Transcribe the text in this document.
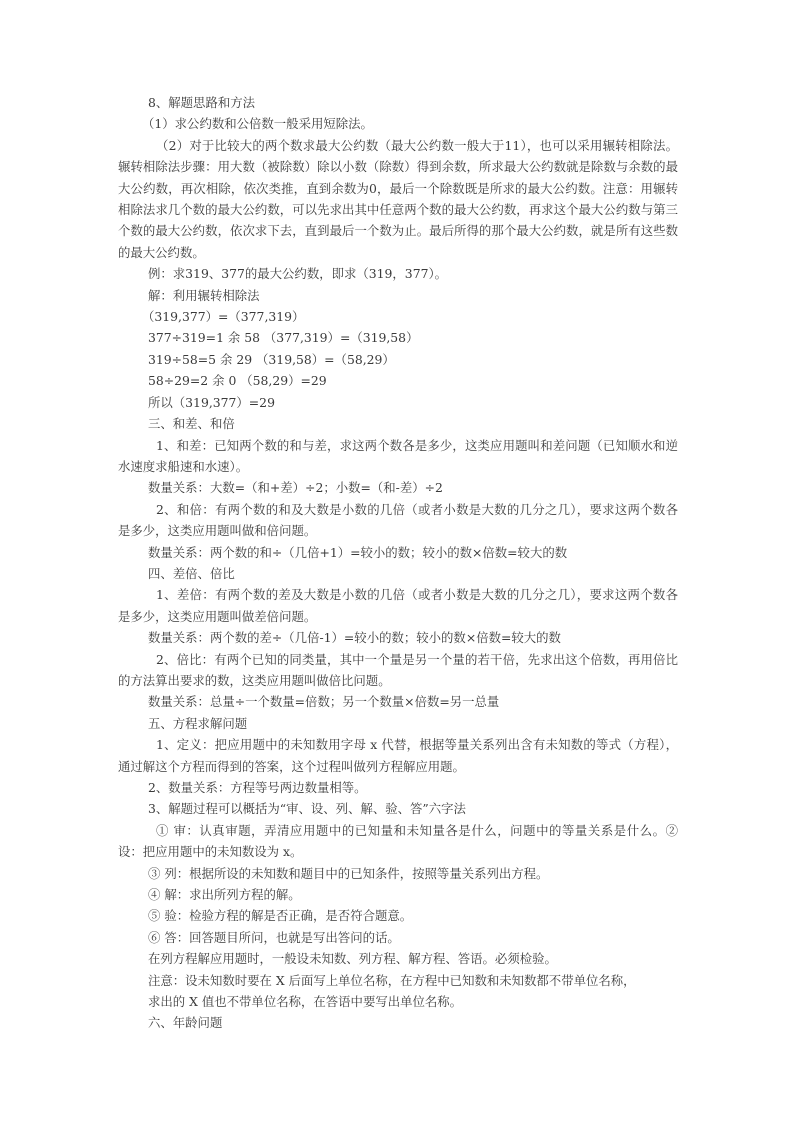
8、解题思路和方法

（1）求公约数和公倍数一般采用短除法。

（2）对于比较大的两个数求最大公约数（最大公约数一般大于11），也可以采用辗转相除法。辗转相除法步骤：用大数（被除数）除以小数（除数）得到余数，所求最大公约数就是除数与余数的最大公约数，再次相除，依次类推，直到余数为0，最后一个除数既是所求的最大公约数。注意：用辗转相除法求几个数的最大公约数，可以先求出其中任意两个数的最大公约数，再求这个最大公约数与第三个数的最大公约数，依次求下去，直到最后一个数为止。最后所得的那个最大公约数，就是所有这些数的最大公约数。

例：求319、377的最大公约数，即求（319，377）。

解：利用辗转相除法

（319,377）=（377,319）

377÷319=1 余 58 （377,319）=（319,58）

319÷58=5 余 29 （319,58）=（58,29）

58÷29=2 余 0 （58,29）=29

所以（319,377）=29

三、和差、和倍

1、和差：已知两个数的和与差，求这两个数各是多少，这类应用题叫和差问题（已知顺水和逆水速度求船速和水速）。

数量关系：大数=（和+差）÷2；小数=（和-差）÷2

2、和倍：有两个数的和及大数是小数的几倍（或者小数是大数的几分之几），要求这两个数各是多少，这类应用题叫做和倍问题。

数量关系：两个数的和÷（几倍+1）=较小的数；较小的数×倍数=较大的数

四、差倍、倍比

1、差倍：有两个数的差及大数是小数的几倍（或者小数是大数的几分之几），要求这两个数各是多少，这类应用题叫做差倍问题。

数量关系：两个数的差÷（几倍-1）=较小的数；较小的数×倍数=较大的数

2、倍比：有两个已知的同类量，其中一个量是另一个量的若干倍，先求出这个倍数，再用倍比的方法算出要求的数，这类应用题叫做倍比问题。

数量关系：总量÷一个数量=倍数；另一个数量×倍数=另一总量

五、方程求解问题

1、定义：把应用题中的未知数用字母 x 代替，根据等量关系列出含有未知数的等式（方程），通过解这个方程而得到的答案，这个过程叫做列方程解应用题。

2、数量关系：方程等号两边数量相等。

3、解题过程可以概括为“审、设、列、解、验、答”六字法

① 审：认真审题，弄清应用题中的已知量和未知量各是什么，问题中的等量关系是什么。② 设：把应用题中的未知数设为 x。

③ 列：根据所设的未知数和题目中的已知条件，按照等量关系列出方程。

④ 解：求出所列方程的解。

⑤ 验：检验方程的解是否正确，是否符合题意。

⑥ 答：回答题目所问，也就是写出答问的话。

在列方程解应用题时，一般设未知数、列方程、解方程、答语。必须检验。

注意：设未知数时要在 X 后面写上单位名称，在方程中已知数和未知数都不带单位名称，

求出的 X 值也不带单位名称，在答语中要写出单位名称。

六、年龄问题
